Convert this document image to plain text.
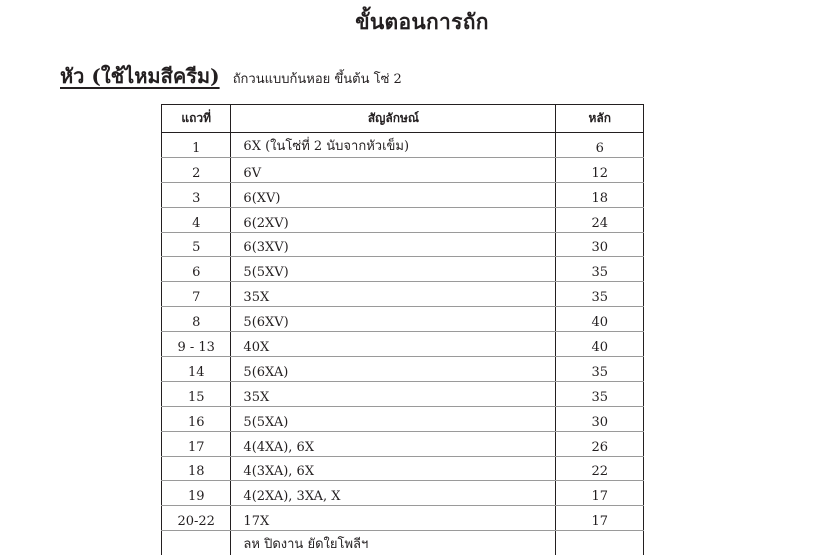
ขั้นตอนการถัก
หัว (ใช้ไหมสีครีม) ถักวนแบบก้นหอย ขึ้นต้น โซ่ 2
แถวที่	สัญลักษณ์	หลัก
1	6X (ในโซ่ที่ 2 นับจากหัวเข็ม)	6
2	6V	12
3	6(XV)	18
4	6(2XV)	24
5	6(3XV)	30
6	5(5XV)	35
7	35X	35
8	5(6XV)	40
9 - 13	40X	40
14	5(6XA)	35
15	35X	35
16	5(5XA)	30
17	4(4XA), 6X	26
18	4(3XA), 6X	22
19	4(2XA), 3XA, X	17
20-22	17X	17
	ลห ปิดงาน ยัดใยโพลีฯ	
